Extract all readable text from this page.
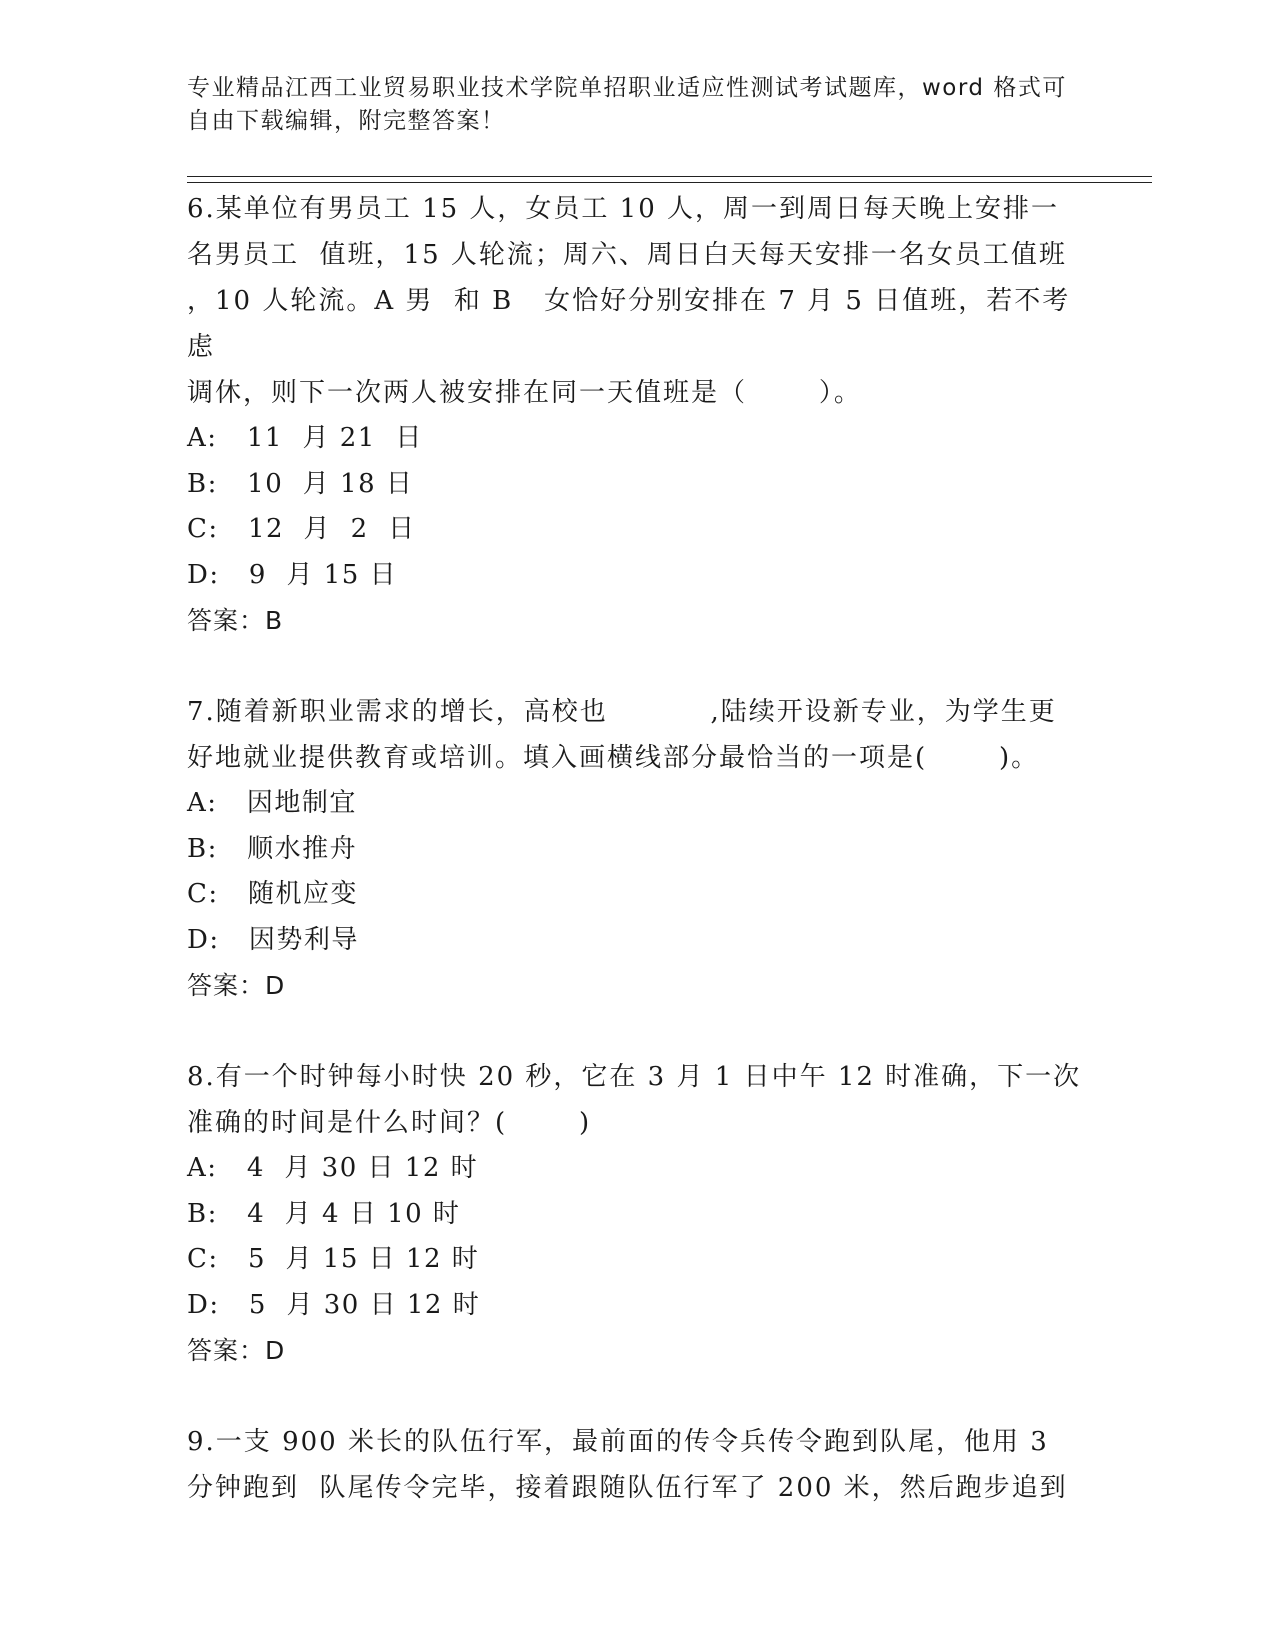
专业精品江西工业贸易职业技术学院单招职业适应性测试考试题库，word 格式可
自由下载编辑，附完整答案！
6.某单位有男员工 15 人，女员工 10 人，周一到周日每天晚上安排一
名男员工  值班，15 人轮流；周六、周日白天每天安排一名女员工值班
，10 人轮流。A 男  和 B   女恰好分别安排在 7 月 5 日值班，若不考虑
调休，则下一次两人被安排在同一天值班是（       ）。
A:   11  月 21  日
B:   10  月 18 日
C:   12  月  2  日
D:   9  月 15 日
答案：B
7.随着新职业需求的增长，高校也          ,陆续开设新专业，为学生更
好地就业提供教育或培训。填入画横线部分最恰当的一项是(       )。
A:   因地制宜
B:   顺水推舟
C:   随机应变
D:   因势利导
答案：D
8.有一个时钟每小时快 20 秒，它在 3 月 1 日中午 12 时准确，下一次
准确的时间是什么时间？(       )
A:   4  月 30 日 12 时
B:   4  月 4 日 10 时
C:   5  月 15 日 12 时
D:   5  月 30 日 12 时
答案：D
9.一支 900 米长的队伍行军，最前面的传令兵传令跑到队尾，他用 3
分钟跑到  队尾传令完毕，接着跟随队伍行军了 200 米，然后跑步追到
